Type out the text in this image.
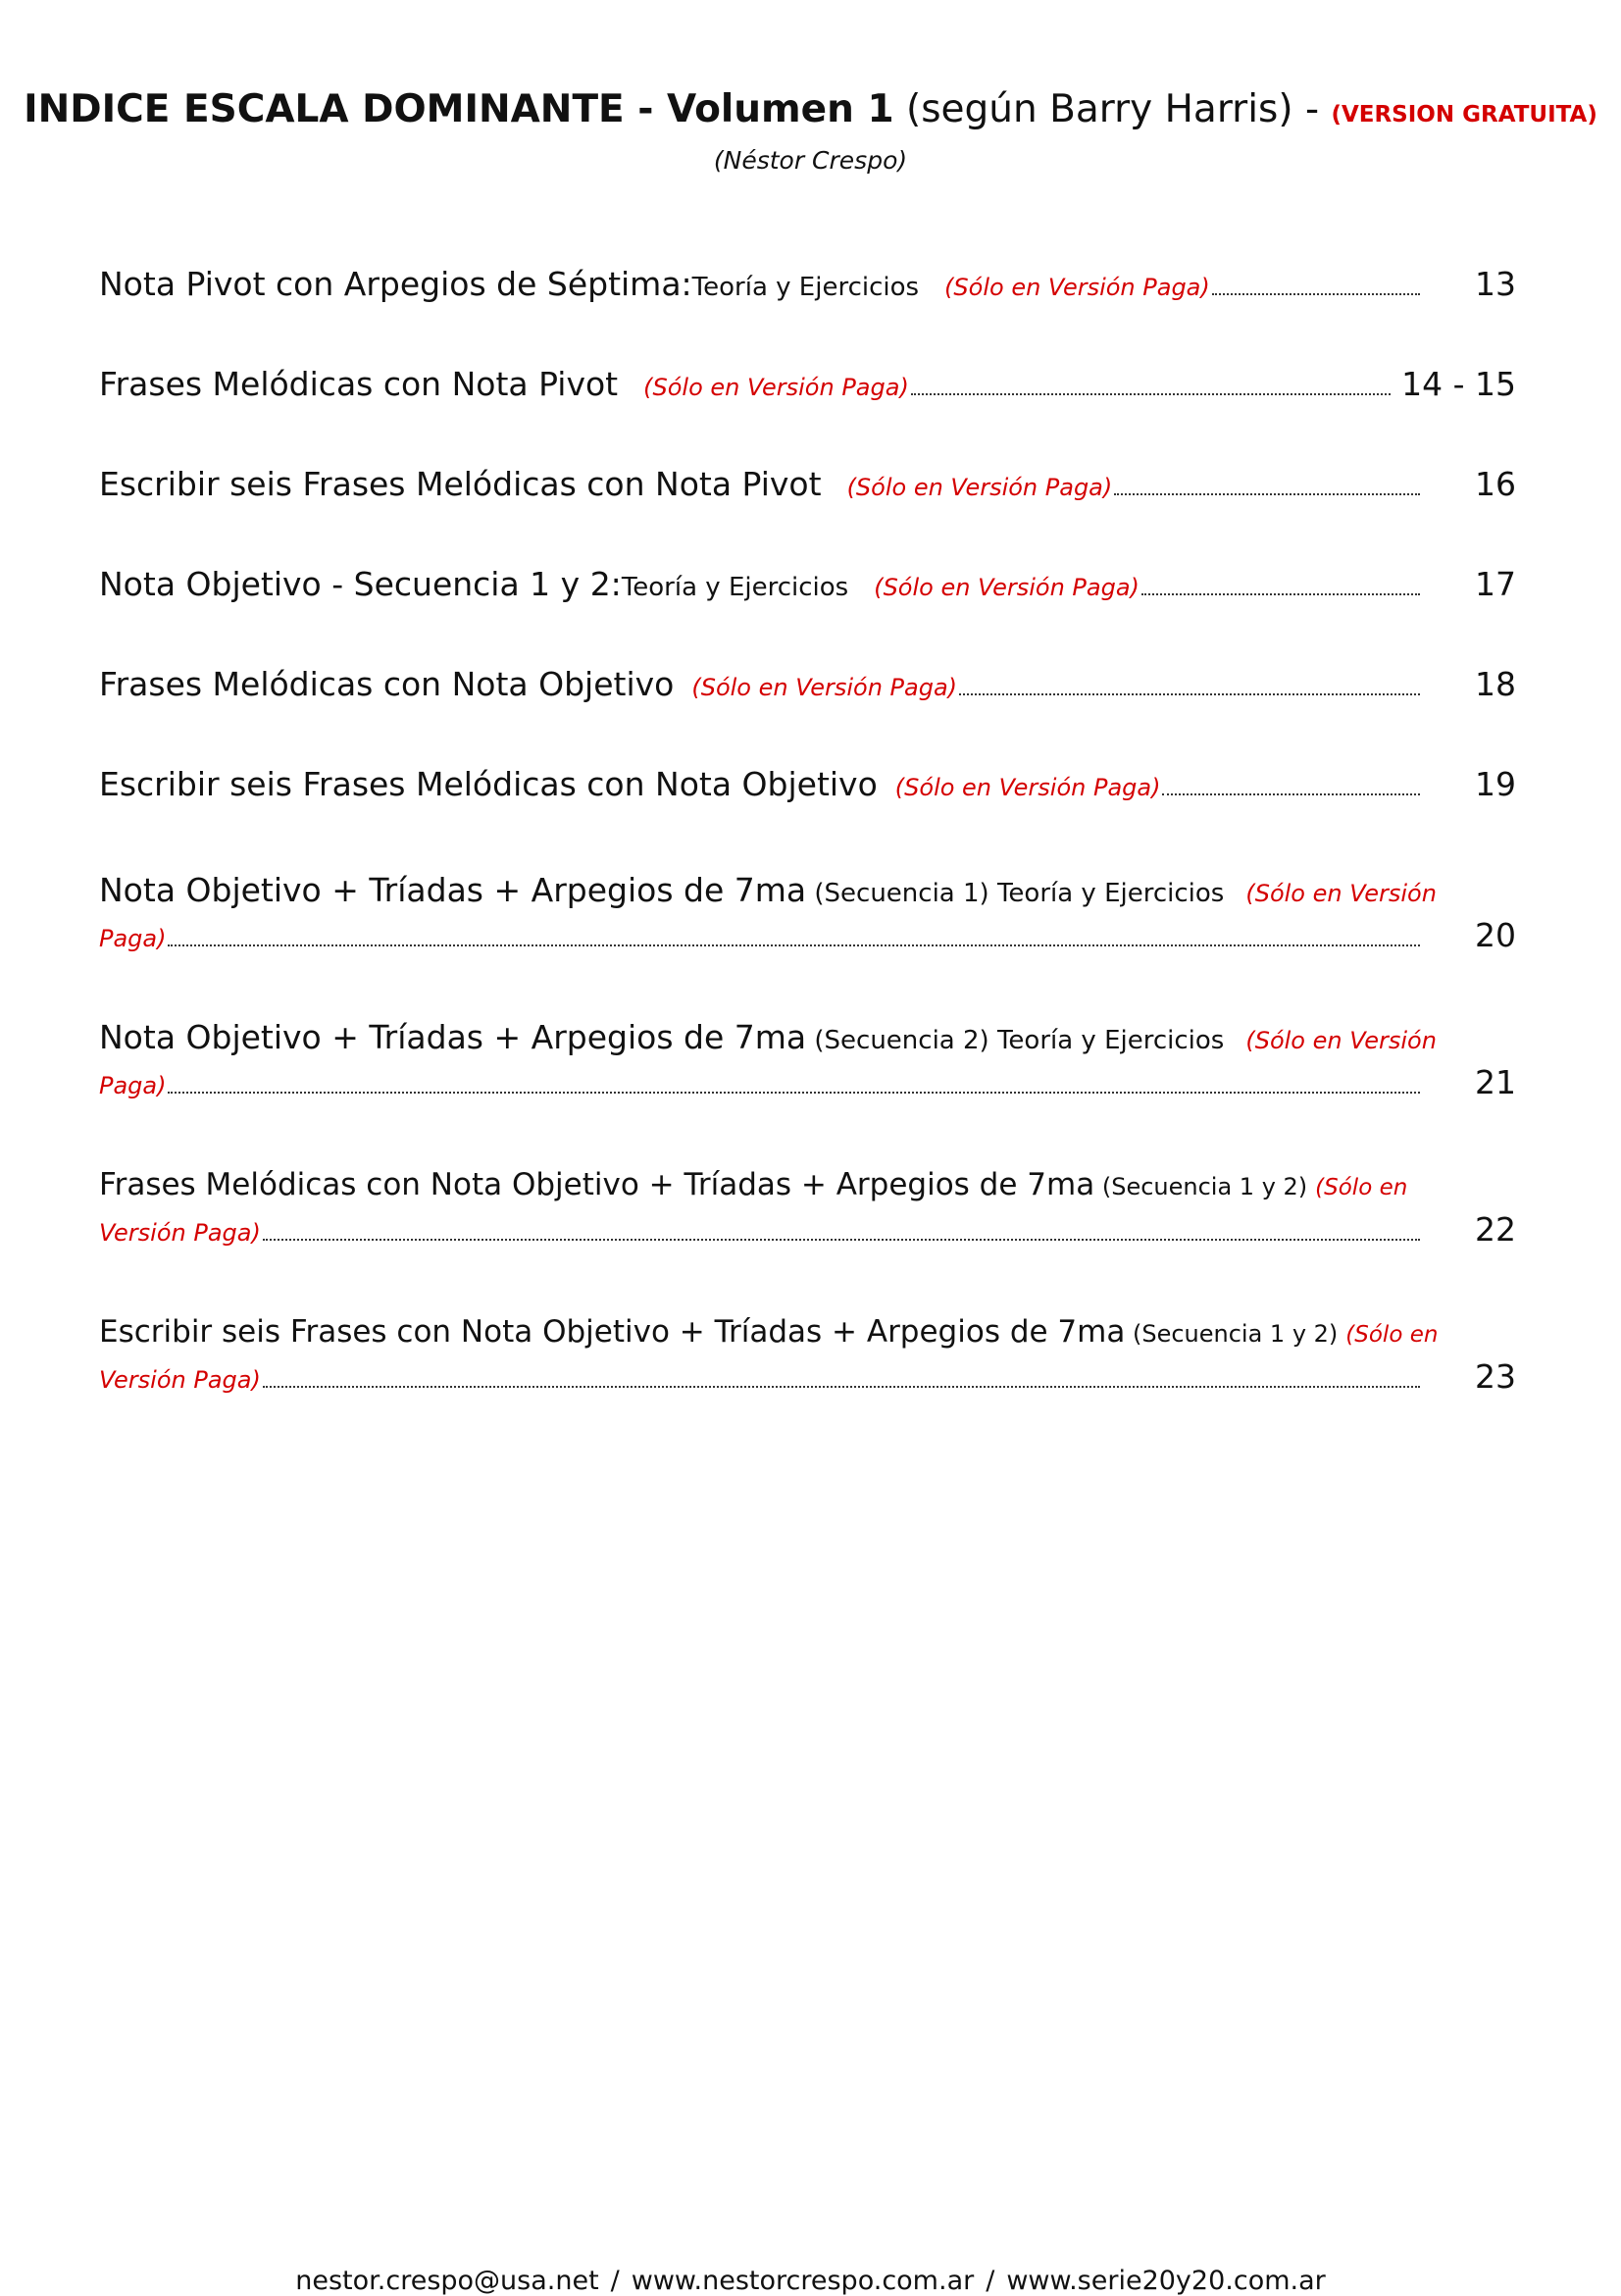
INDICE ESCALA DOMINANTE - Volumen 1 (según Barry Harris) - (VERSION GRATUITA)
(Néstor Crespo)
Nota Pivot con Arpegios de Séptima: Teoría y Ejercicios (Sólo en Versión Paga)	13
Frases Melódicas con Nota Pivot (Sólo en Versión Paga)	14 - 15
Escribir seis Frases Melódicas con Nota Pivot (Sólo en Versión Paga)	16
Nota Objetivo - Secuencia 1 y 2: Teoría y Ejercicios (Sólo en Versión Paga)	17
Frases Melódicas con Nota Objetivo (Sólo en Versión Paga)	18
Escribir seis Frases Melódicas con Nota Objetivo (Sólo en Versión Paga)	19
Nota Objetivo + Tríadas + Arpegios de 7ma (Secuencia 1) Teoría y Ejercicios (Sólo en Versión
Paga)	20
Nota Objetivo + Tríadas + Arpegios de 7ma (Secuencia 2) Teoría y Ejercicios (Sólo en Versión
Paga)	21
Frases Melódicas con Nota Objetivo + Tríadas + Arpegios de 7ma (Secuencia 1 y 2) (Sólo en
Versión Paga)	22
Escribir seis Frases con Nota Objetivo + Tríadas + Arpegios de 7ma (Secuencia 1 y 2) (Sólo en
Versión Paga)	23
nestor.crespo@usa.net / www.nestorcrespo.com.ar / www.serie20y20.com.ar
